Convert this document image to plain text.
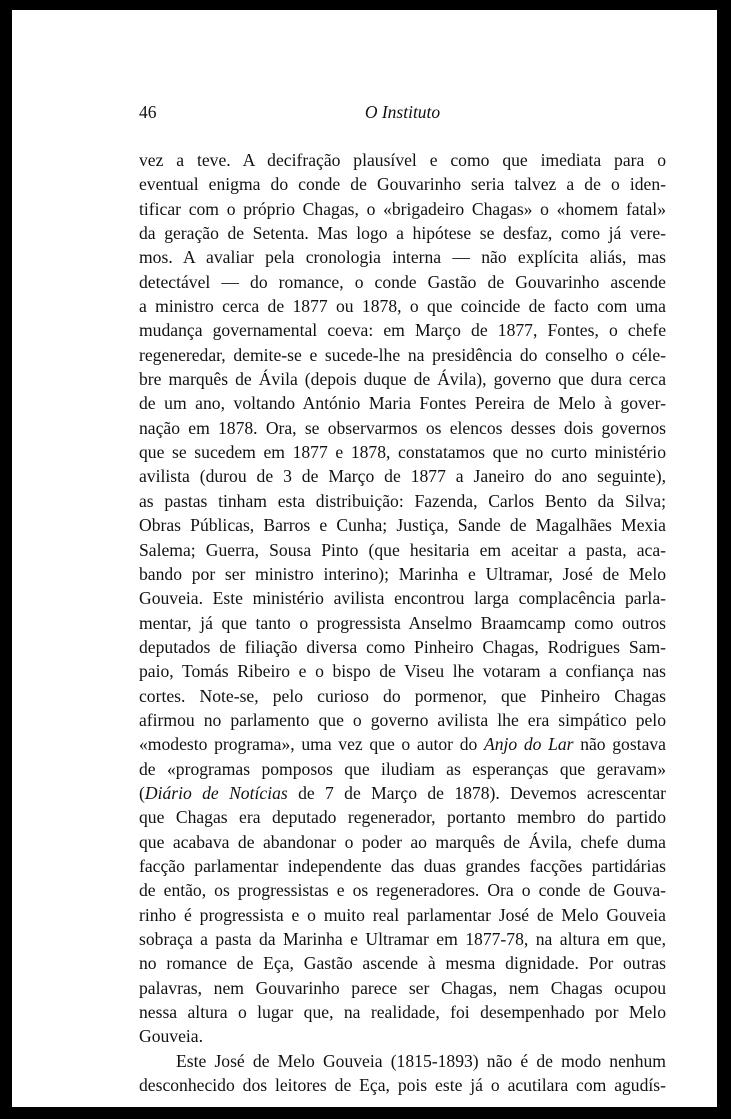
46	O Instituto
vez a teve. A decifração plausível e como que imediata para o
eventual enigma do conde de Gouvarinho seria talvez a de o iden-
tificar com o próprio Chagas, o «brigadeiro Chagas» o «homem fatal»
da geração de Setenta. Mas logo a hipótese se desfaz, como já vere-
mos. A avaliar pela cronologia interna — não explícita aliás, mas
detectável — do romance, o conde Gastão de Gouvarinho ascende
a ministro cerca de 1877 ou 1878, o que coincide de facto com uma
mudança governamental coeva: em Março de 1877, Fontes, o chefe
regeneredar, demite-se e sucede-lhe na presidência do conselho o céle-
bre marquês de Ávila (depois duque de Ávila), governo que dura cerca
de um ano, voltando António Maria Fontes Pereira de Melo à gover-
nação em 1878. Ora, se observarmos os elencos desses dois governos
que se sucedem em 1877 e 1878, constatamos que no curto ministério
avilista (durou de 3 de Março de 1877 a Janeiro do ano seguinte),
as pastas tinham esta distribuição: Fazenda, Carlos Bento da Silva;
Obras Públicas, Barros e Cunha; Justiça, Sande de Magalhães Mexia
Salema; Guerra, Sousa Pinto (que hesitaria em aceitar a pasta, aca-
bando por ser ministro interino); Marinha e Ultramar, José de Melo
Gouveia. Este ministério avilista encontrou larga complacência parla-
mentar, já que tanto o progressista Anselmo Braamcamp como outros
deputados de filiação diversa como Pinheiro Chagas, Rodrigues Sam-
paio, Tomás Ribeiro e o bispo de Viseu lhe votaram a confiança nas
cortes. Note-se, pelo curioso do pormenor, que Pinheiro Chagas
afirmou no parlamento que o governo avilista lhe era simpático pelo
«modesto programa», uma vez que o autor do Anjo do Lar não gostava
de «programas pomposos que iludiam as esperanças que geravam»
(Diário de Notícias de 7 de Março de 1878). Devemos acrescentar
que Chagas era deputado regenerador, portanto membro do partido
que acabava de abandonar o poder ao marquês de Ávila, chefe duma
facção parlamentar independente das duas grandes facções partidárias
de então, os progressistas e os regeneradores. Ora o conde de Gouva-
rinho é progressista e o muito real parlamentar José de Melo Gouveia
sobraça a pasta da Marinha e Ultramar em 1877-78, na altura em que,
no romance de Eça, Gastão ascende à mesma dignidade. Por outras
palavras, nem Gouvarinho parece ser Chagas, nem Chagas ocupou
nessa altura o lugar que, na realidade, foi desempenhado por Melo
Gouveia.
Este José de Melo Gouveia (1815-1893) não é de modo nenhum
desconhecido dos leitores de Eça, pois este já o acutilara com agudís-
